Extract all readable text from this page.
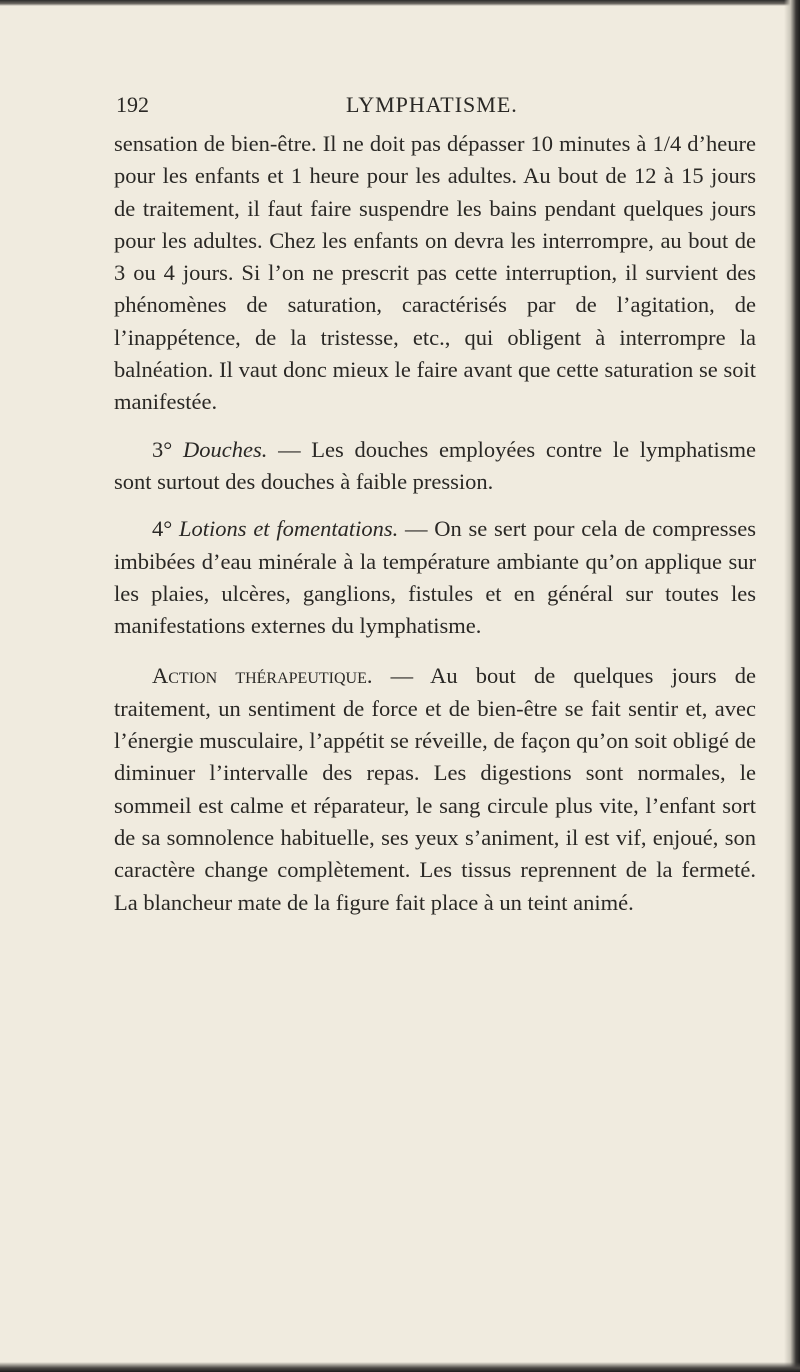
192	LYMPHATISME.

sensation de bien-être. Il ne doit pas dépasser 10 minutes à 1/4 d’heure pour les enfants et 1 heure pour les adultes. Au bout de 12 à 15 jours de traitement, il faut faire suspendre les bains pendant quelques jours pour les adultes. Chez les enfants on devra les interrompre, au bout de 3 ou 4 jours. Si l’on ne prescrit pas cette interruption, il survient des phénomènes de saturation, caractérisés par de l’agitation, de l’inappétence, de la tristesse, etc., qui obligent à interrompre la balnéation. Il vaut donc mieux le faire avant que cette saturation se soit manifestée.

3° Douches. — Les douches employées contre le lymphatisme sont surtout des douches à faible pression.

4° Lotions et fomentations. — On se sert pour cela de compresses imbibées d’eau minérale à la température ambiante qu’on applique sur les plaies, ulcères, ganglions, fistules et en général sur toutes les manifestations externes du lymphatisme.

Action thérapeutique. — Au bout de quelques jours de traitement, un sentiment de force et de bien-être se fait sentir et, avec l’énergie musculaire, l’appétit se réveille, de façon qu’on soit obligé de diminuer l’intervalle des repas. Les digestions sont normales, le sommeil est calme et réparateur, le sang circule plus vite, l’enfant sort de sa somnolence habituelle, ses yeux s’animent, il est vif, enjoué, son caractère change complètement. Les tissus reprennent de la fermeté. La blancheur mate de la figure fait place à un teint animé.
